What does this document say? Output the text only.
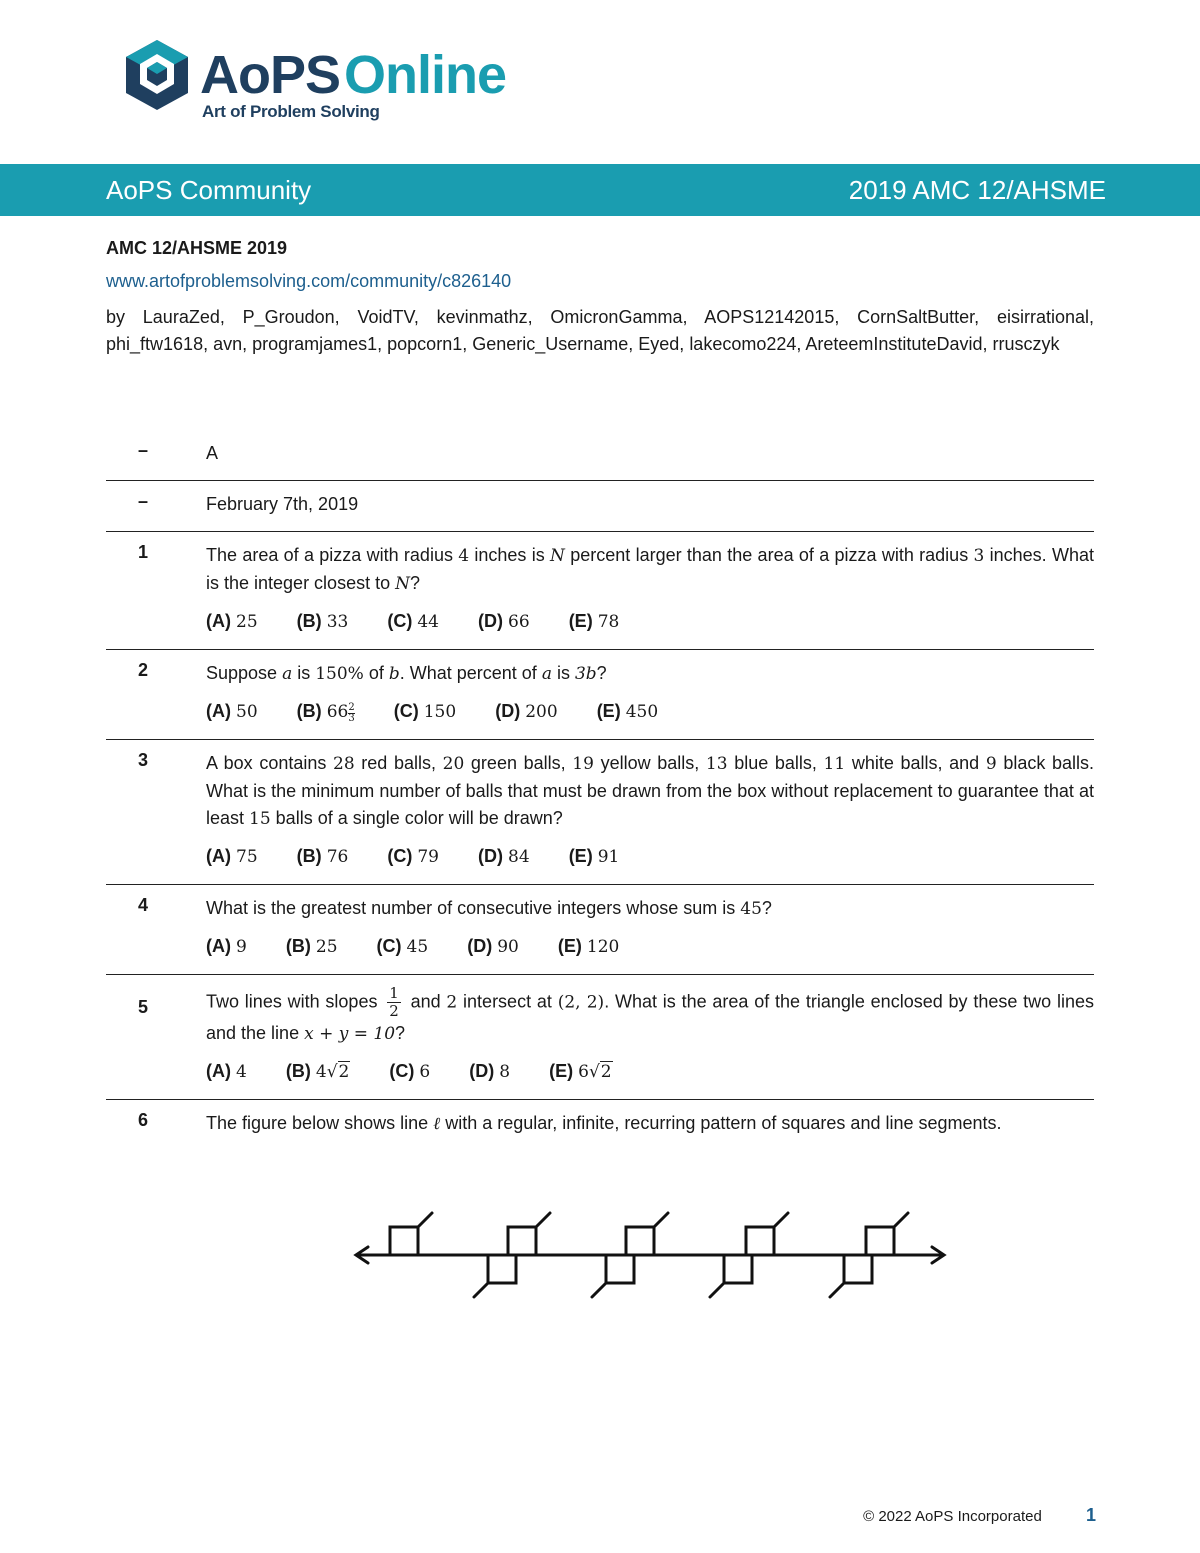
AoPSOnline
Art of Problem Solving
AoPS Community	2019 AMC 12/AHSME
AMC 12/AHSME 2019
www.artofproblemsolving.com/community/c826140

by LauraZed, P_Groudon, VoidTV, kevinmathz, OmicronGamma, AOPS12142015, CornSaltButter, eisirrational, phi_ftw1618, avn, programjames1, popcorn1, Generic_Username, Eyed, lakecomo224, AreteemInstituteDavid, rrusczyk

–	A
–	February 7th, 2019
1	The area of a pizza with radius 4 inches is N percent larger than the area of a pizza with radius 3 inches. What is the integer closest to N?
(A) 25 (B) 33 (C) 44 (D) 66 (E) 78
2	Suppose a is 150% of b. What percent of a is 3b?
(A) 50 (B) $66 \frac{2}{3} (C)$ 150 (D) 200 (E) 450
3	A box contains 28 red balls, 20 green balls, 19 yellow balls, 13 blue balls, 11 white balls, and 9 black balls. What is the minimum number of balls that must be drawn from the box without replacement to guarantee that at least 15 balls of a single color will be drawn?
(A) 75 (B) 76 (C) 79 (D) 84 (E) 91
4	What is the greatest number of consecutive integers whose sum is 45?
(A) 9 (B) 25 (C) 45 (D) 90 (E) 120
5	Two lines with slopes $\frac{1}{2}$ and 2 intersect at (2, 2). What is the area of the triangle enclosed by these two lines and the line x + y = 10?
(A) 4 (B) 4√2 (C) 6 (D) 8 (E) 6√2
6	The figure below shows line ℓ with a regular, infinite, recurring pattern of squares and line segments.
© 2022 AoPS Incorporated 1
